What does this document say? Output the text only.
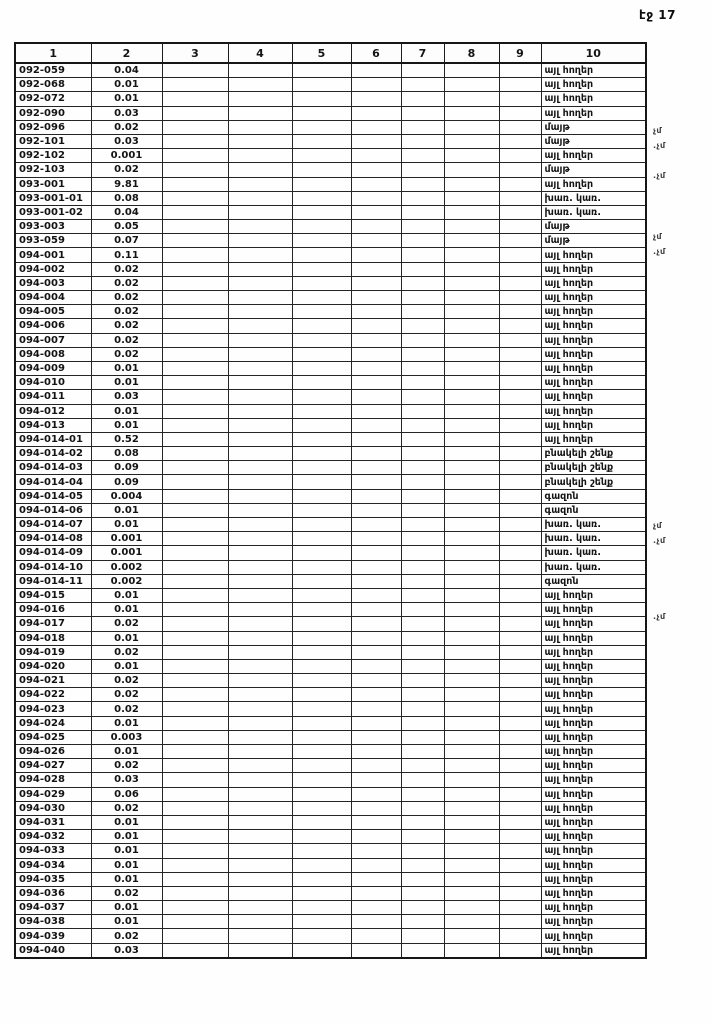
էջ 17
1	2	3	4	5	6	7	8	9	10
092-059	0.04								այլ հողեր
092-068	0.01								այլ հողեր
092-072	0.01								այլ հողեր
092-090	0.03								այլ հողեր
092-096	0.02								մայթ
092-101	0.03								մայթ
092-102	0.001								այլ հողեր
092-103	0.02								մայթ
093-001	9.81								այլ հողեր
093-001-01	0.08								խառ. կառ.
093-001-02	0.04								խառ. կառ.
093-003	0.05								մայթ
093-059	0.07								մայթ
094-001	0.11								այլ հողեր
094-002	0.02								այլ հողեր
094-003	0.02								այլ հողեր
094-004	0.02								այլ հողեր
094-005	0.02								այլ հողեր
094-006	0.02								այլ հողեր
094-007	0.02								այլ հողեր
094-008	0.02								այլ հողեր
094-009	0.01								այլ հողեր
094-010	0.01								այլ հողեր
094-011	0.03								այլ հողեր
094-012	0.01								այլ հողեր
094-013	0.01								այլ հողեր
094-014-01	0.52								այլ հողեր
094-014-02	0.08								բնակելի շենք
094-014-03	0.09								բնակելի շենք
094-014-04	0.09								բնակելի շենք
094-014-05	0.004								գազոն
094-014-06	0.01								գազոն
094-014-07	0.01								խառ. կառ.
094-014-08	0.001								խառ. կառ.
094-014-09	0.001								խառ. կառ.
094-014-10	0.002								խառ. կառ.
094-014-11	0.002								գազոն
094-015	0.01								այլ հողեր
094-016	0.01								այլ հողեր
094-017	0.02								այլ հողեր
094-018	0.01								այլ հողեր
094-019	0.02								այլ հողեր
094-020	0.01								այլ հողեր
094-021	0.02								այլ հողեր
094-022	0.02								այլ հողեր
094-023	0.02								այլ հողեր
094-024	0.01								այլ հողեր
094-025	0.003								այլ հողեր
094-026	0.01								այլ հողեր
094-027	0.02								այլ հողեր
094-028	0.03								այլ հողեր
094-029	0.06								այլ հողեր
094-030	0.02								այլ հողեր
094-031	0.01								այլ հողեր
094-032	0.01								այլ հողեր
094-033	0.01								այլ հողեր
094-034	0.01								այլ հողեր
094-035	0.01								այլ հողեր
094-036	0.02								այլ հողեր
094-037	0.01								այլ հողեր
094-038	0.01								այլ հողեր
094-039	0.02								այլ հողեր
094-040	0.03								այլ հողեր
չմ
.չմ
.չմ
չմ
.չմ
չմ
.չմ
.չմ
